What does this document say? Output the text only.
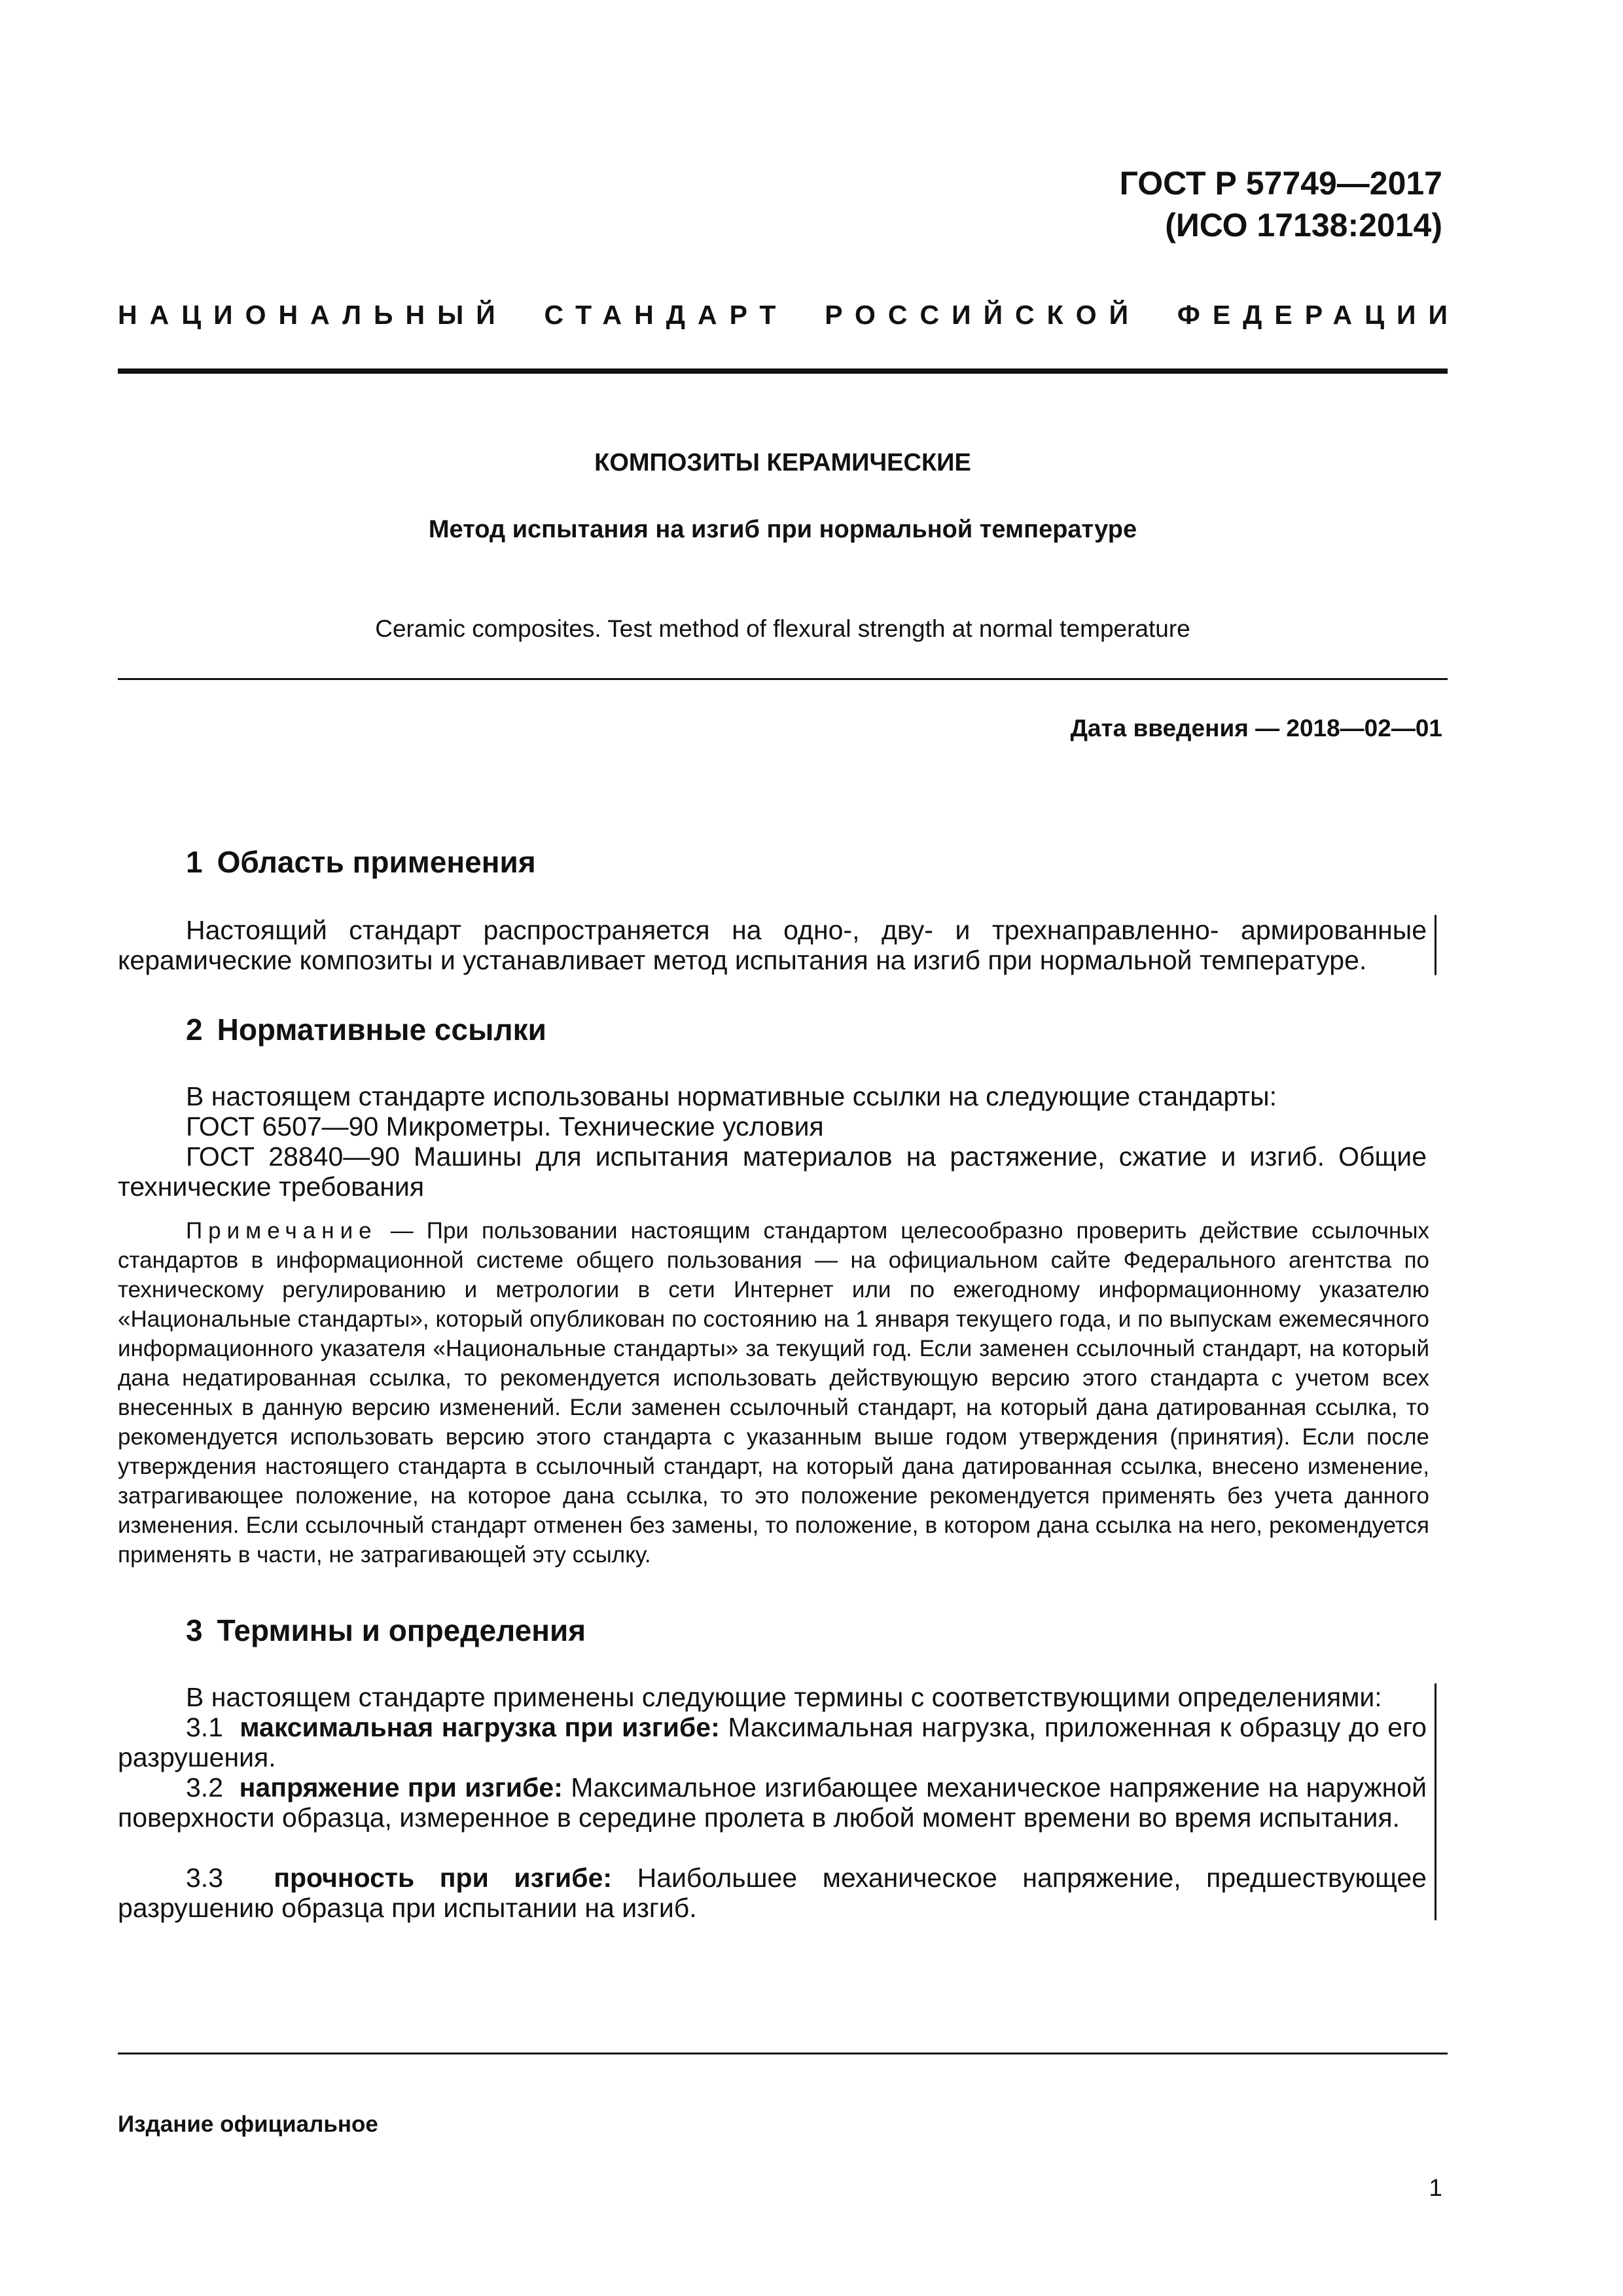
ГОСТ Р 57749—2017
(ИСО 17138:2014)
НАЦИОНАЛЬНЫЙ СТАНДАРТ РОССИЙСКОЙ ФЕДЕРАЦИИ
КОМПОЗИТЫ КЕРАМИЧЕСКИЕ
Метод испытания на изгиб при нормальной температуре
Ceramic composites. Test method of flexural strength at normal temperature
Дата введения — 2018—02—01
1 Область применения
Настоящий стандарт распространяется на одно-, дву- и трехнаправленно- армированные керамические композиты и устанавливает метод испытания на изгиб при нормальной температуре.
2 Нормативные ссылки
В настоящем стандарте использованы нормативные ссылки на следующие стандарты:
ГОСТ 6507—90 Микрометры. Технические условия
ГОСТ 28840—90 Машины для испытания материалов на растяжение, сжатие и изгиб. Общие технические требования
Примечание — При пользовании настоящим стандартом целесообразно проверить действие ссылочных стандартов в информационной системе общего пользования — на официальном сайте Федерального агентства по техническому регулированию и метрологии в сети Интернет или по ежегодному информационному указателю «Национальные стандарты», который опубликован по состоянию на 1 января текущего года, и по выпускам ежемесячного информационного указателя «Национальные стандарты» за текущий год. Если заменен ссылочный стандарт, на который дана недатированная ссылка, то рекомендуется использовать действующую версию этого стандарта с учетом всех внесенных в данную версию изменений. Если заменен ссылочный стандарт, на который дана датированная ссылка, то рекомендуется использовать версию этого стандарта с указанным выше годом утверждения (принятия). Если после утверждения настоящего стандарта в ссылочный стандарт, на который дана датированная ссылка, внесено изменение, затрагивающее положение, на которое дана ссылка, то это положение рекомендуется применять без учета данного изменения. Если ссылочный стандарт отменен без замены, то положение, в котором дана ссылка на него, рекомендуется применять в части, не затрагивающей эту ссылку.
3 Термины и определения
В настоящем стандарте применены следующие термины с соответствующими определениями:
3.1 максимальная нагрузка при изгибе: Максимальная нагрузка, приложенная к образцу до его разрушения.
3.2 напряжение при изгибе: Максимальное изгибающее механическое напряжение на наружной поверхности образца, измеренное в середине пролета в любой момент времени во время испытания.
3.3 прочность при изгибе: Наибольшее механическое напряжение, предшествующее разрушению образца при испытании на изгиб.
Издание официальное
1
